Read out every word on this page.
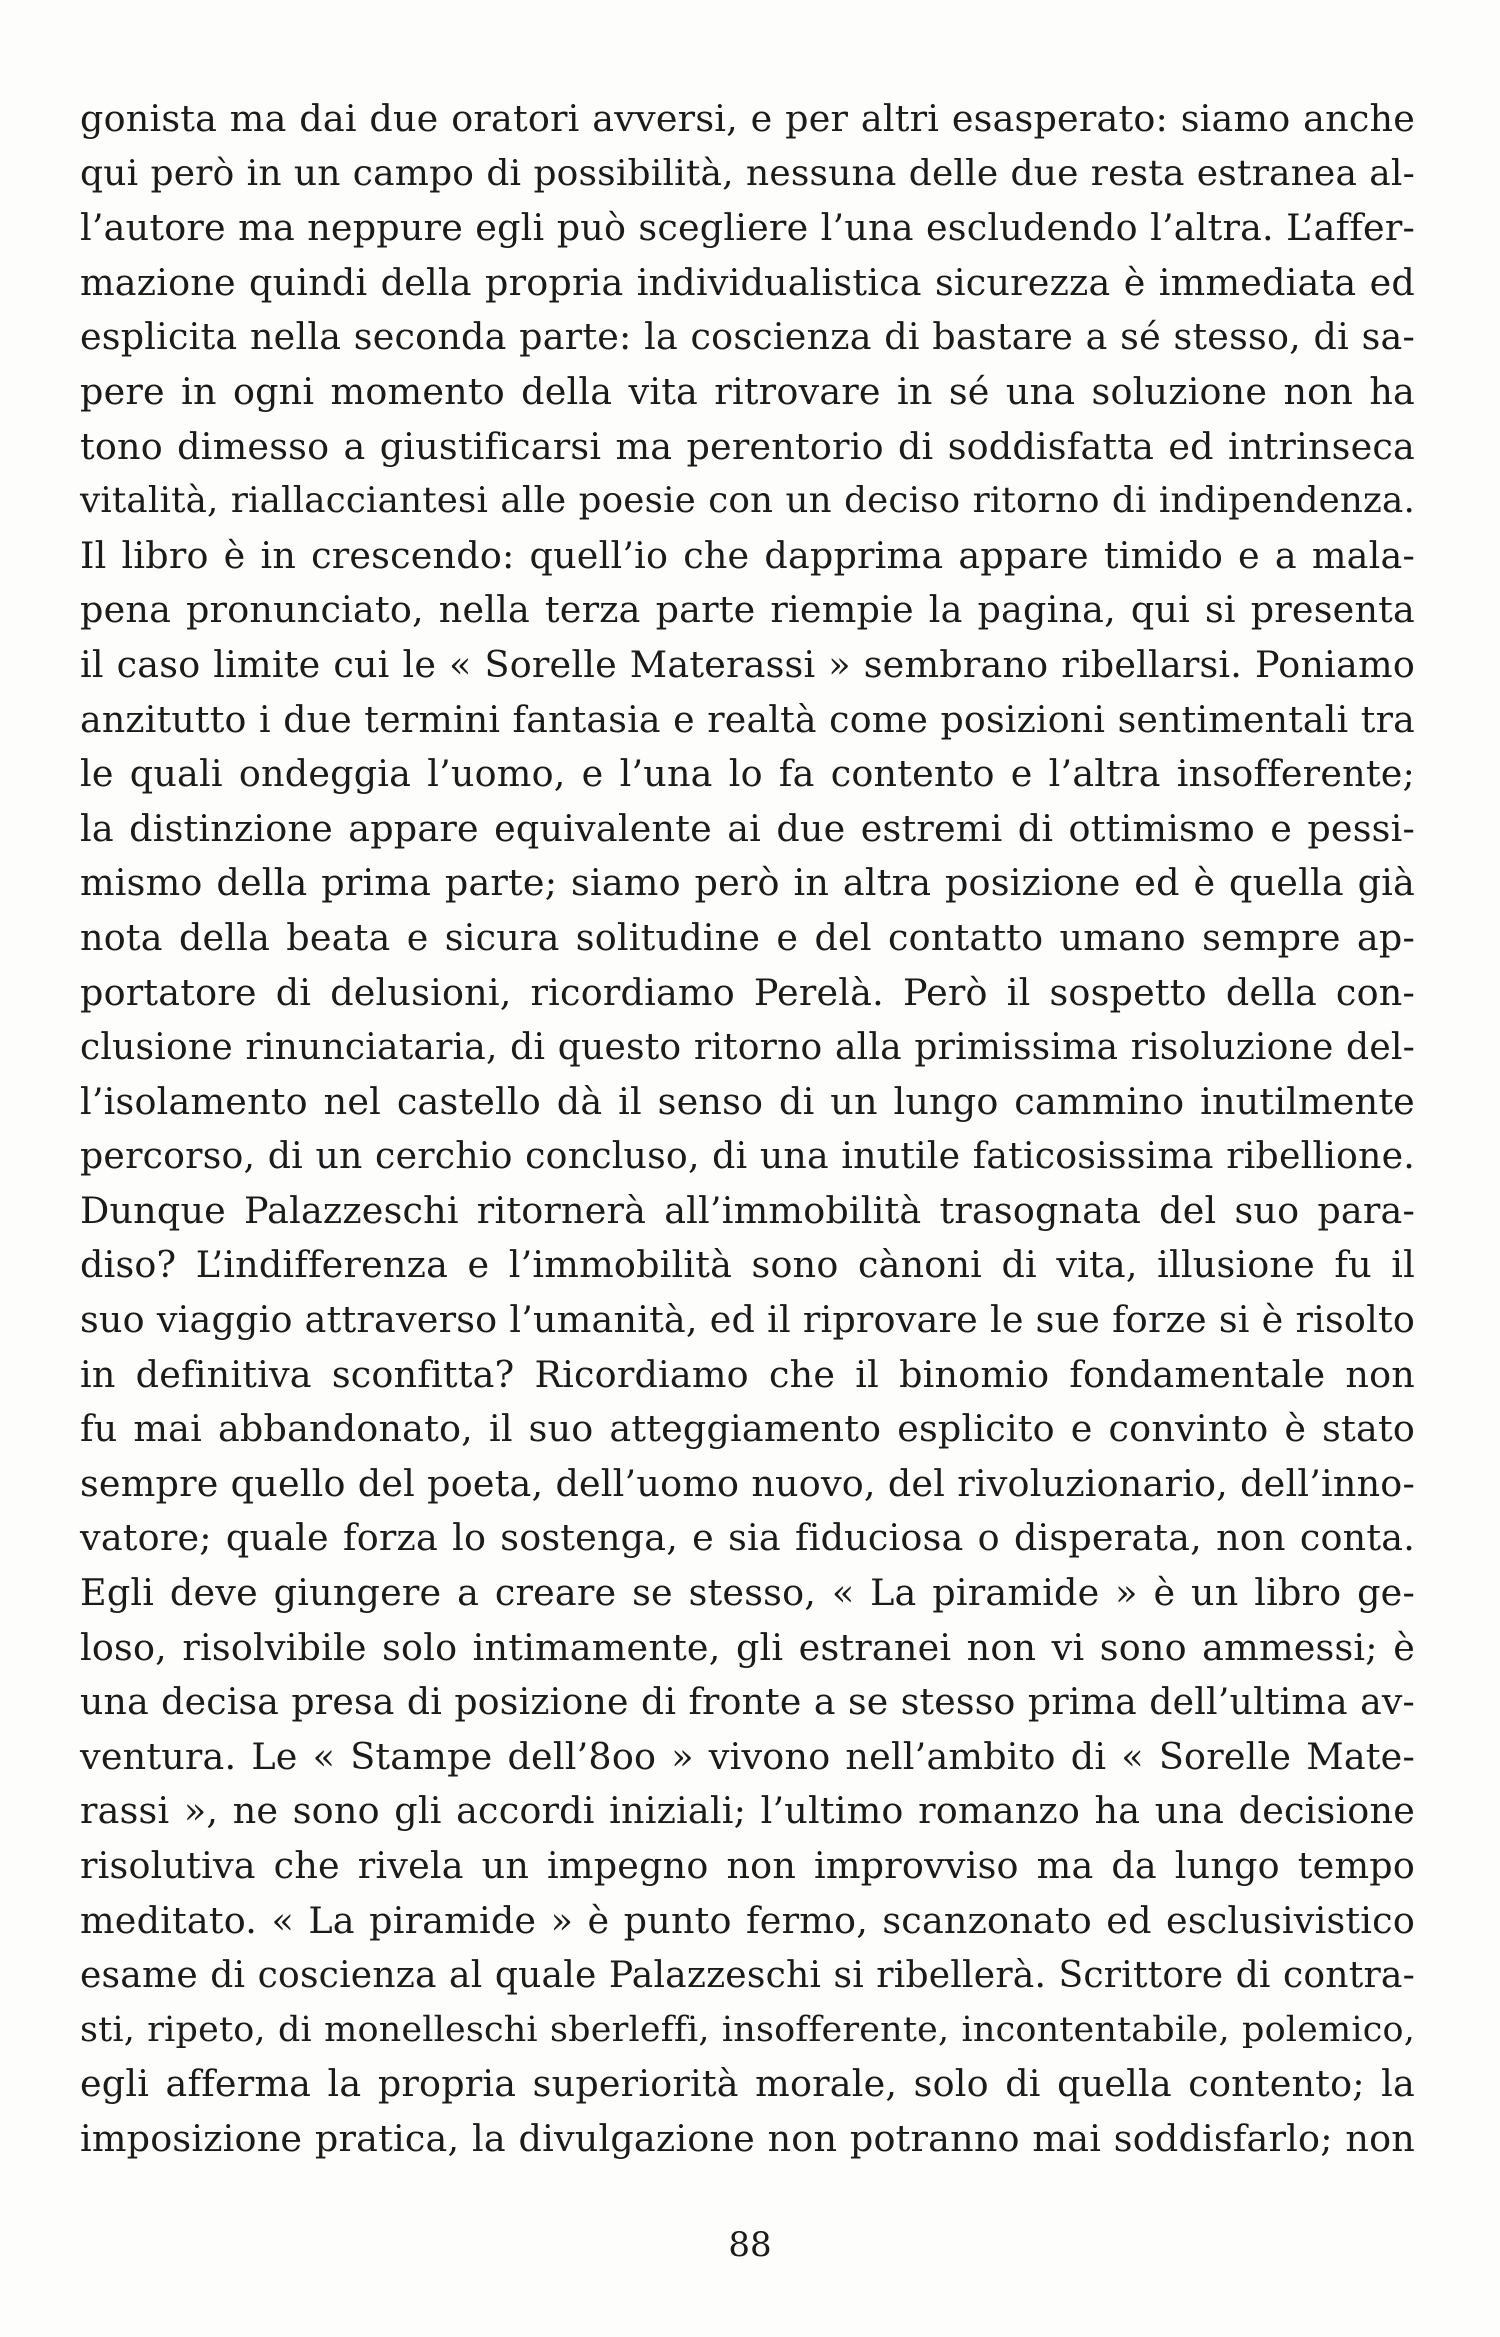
gonista ma dai due oratori avversi, e per altri esasperato: siamo anche
qui però in un campo di possibilità, nessuna delle due resta estranea al-
l’autore ma neppure egli può scegliere l’una escludendo l’altra. L’affer-
mazione quindi della propria individualistica sicurezza è immediata ed
esplicita nella seconda parte: la coscienza di bastare a sé stesso, di sa-
pere in ogni momento della vita ritrovare in sé una soluzione non ha
tono dimesso a giustificarsi ma perentorio di soddisfatta ed intrinseca
vitalità, riallacciantesi alle poesie con un deciso ritorno di indipendenza.
Il libro è in crescendo: quell’io che dapprima appare timido e a mala-
pena pronunciato, nella terza parte riempie la pagina, qui si presenta
il caso limite cui le « Sorelle Materassi » sembrano ribellarsi. Poniamo
anzitutto i due termini fantasia e realtà come posizioni sentimentali tra
le quali ondeggia l’uomo, e l’una lo fa contento e l’altra insofferente;
la distinzione appare equivalente ai due estremi di ottimismo e pessi-
mismo della prima parte; siamo però in altra posizione ed è quella già
nota della beata e sicura solitudine e del contatto umano sempre ap-
portatore di delusioni, ricordiamo Perelà. Però il sospetto della con-
clusione rinunciataria, di questo ritorno alla primissima risoluzione del-
l’isolamento nel castello dà il senso di un lungo cammino inutilmente
percorso, di un cerchio concluso, di una inutile faticosissima ribellione.
Dunque Palazzeschi ritornerà all’immobilità trasognata del suo para-
diso? L’indifferenza e l’immobilità sono cànoni di vita, illusione fu il
suo viaggio attraverso l’umanità, ed il riprovare le sue forze si è risolto
in definitiva sconfitta? Ricordiamo che il binomio fondamentale non
fu mai abbandonato, il suo atteggiamento esplicito e convinto è stato
sempre quello del poeta, dell’uomo nuovo, del rivoluzionario, dell’inno-
vatore; quale forza lo sostenga, e sia fiduciosa o disperata, non conta.
Egli deve giungere a creare se stesso, « La piramide » è un libro ge-
loso, risolvibile solo intimamente, gli estranei non vi sono ammessi; è
una decisa presa di posizione di fronte a se stesso prima dell’ultima av-
ventura. Le « Stampe dell’8oo » vivono nell’ambito di « Sorelle Mate-
rassi », ne sono gli accordi iniziali; l’ultimo romanzo ha una decisione
risolutiva che rivela un impegno non improvviso ma da lungo tempo
meditato. « La piramide » è punto fermo, scanzonato ed esclusivistico
esame di coscienza al quale Palazzeschi si ribellerà. Scrittore di contra-
sti, ripeto, di monelleschi sberleffi, insofferente, incontentabile, polemico,
egli afferma la propria superiorità morale, solo di quella contento; la
imposizione pratica, la divulgazione non potranno mai soddisfarlo; non
88
